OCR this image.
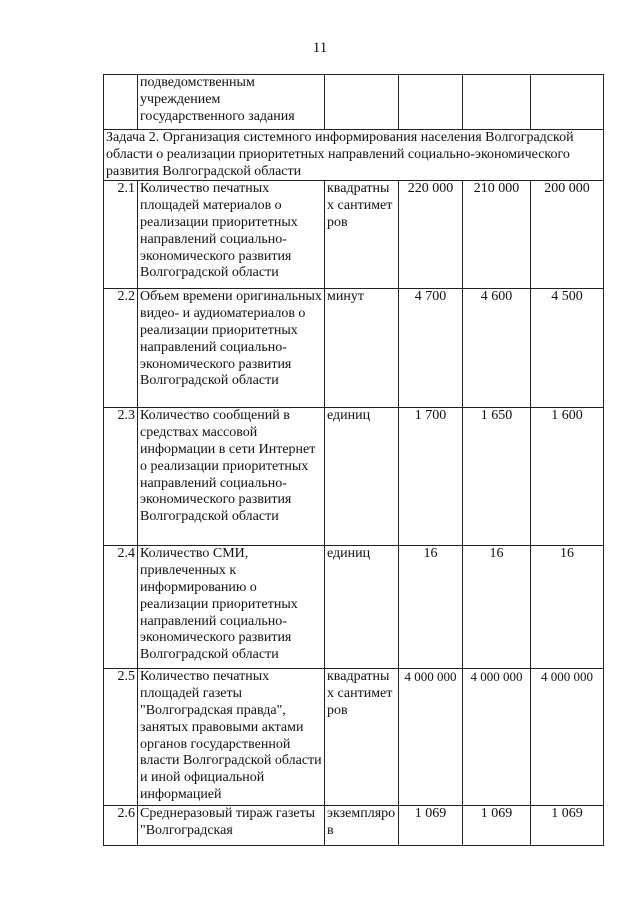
11
	подведомственным учреждением государственного задания				
Задача 2. Организация системного информирования населения Волгоградской области о реализации приоритетных направлений социально-экономического развития Волгоградской области					
2.1	Количество печатных площадей материалов о реализации приоритетных направлений социально-экономического развития Волгоградской области	квадратных сантиметров	220 000	210 000	200 000
2.2	Объем времени оригинальных видео- и аудиоматериалов о реализации приоритетных направлений социально-экономического развития Волгоградской области	минут	4 700	4 600	4 500
2.3	Количество сообщений в средствах массовой информации в сети Интернет о реализации приоритетных направлений социально-экономического развития Волгоградской области	единиц	1 700	1 650	1 600
2.4	Количество СМИ, привлеченных к информированию о реализации приоритетных направлений социально-экономического развития Волгоградской области	единиц	16	16	16
2.5	Количество печатных площадей газеты "Волгоградская правда", занятых правовыми актами органов государственной власти Волгоградской области и иной официальной информацией	квадратных сантиметров	4 000 000	4 000 000	4 000 000
2.6	Среднеразовый тираж газеты "Волгоградская	экземпляров	1 069	1 069	1 069
